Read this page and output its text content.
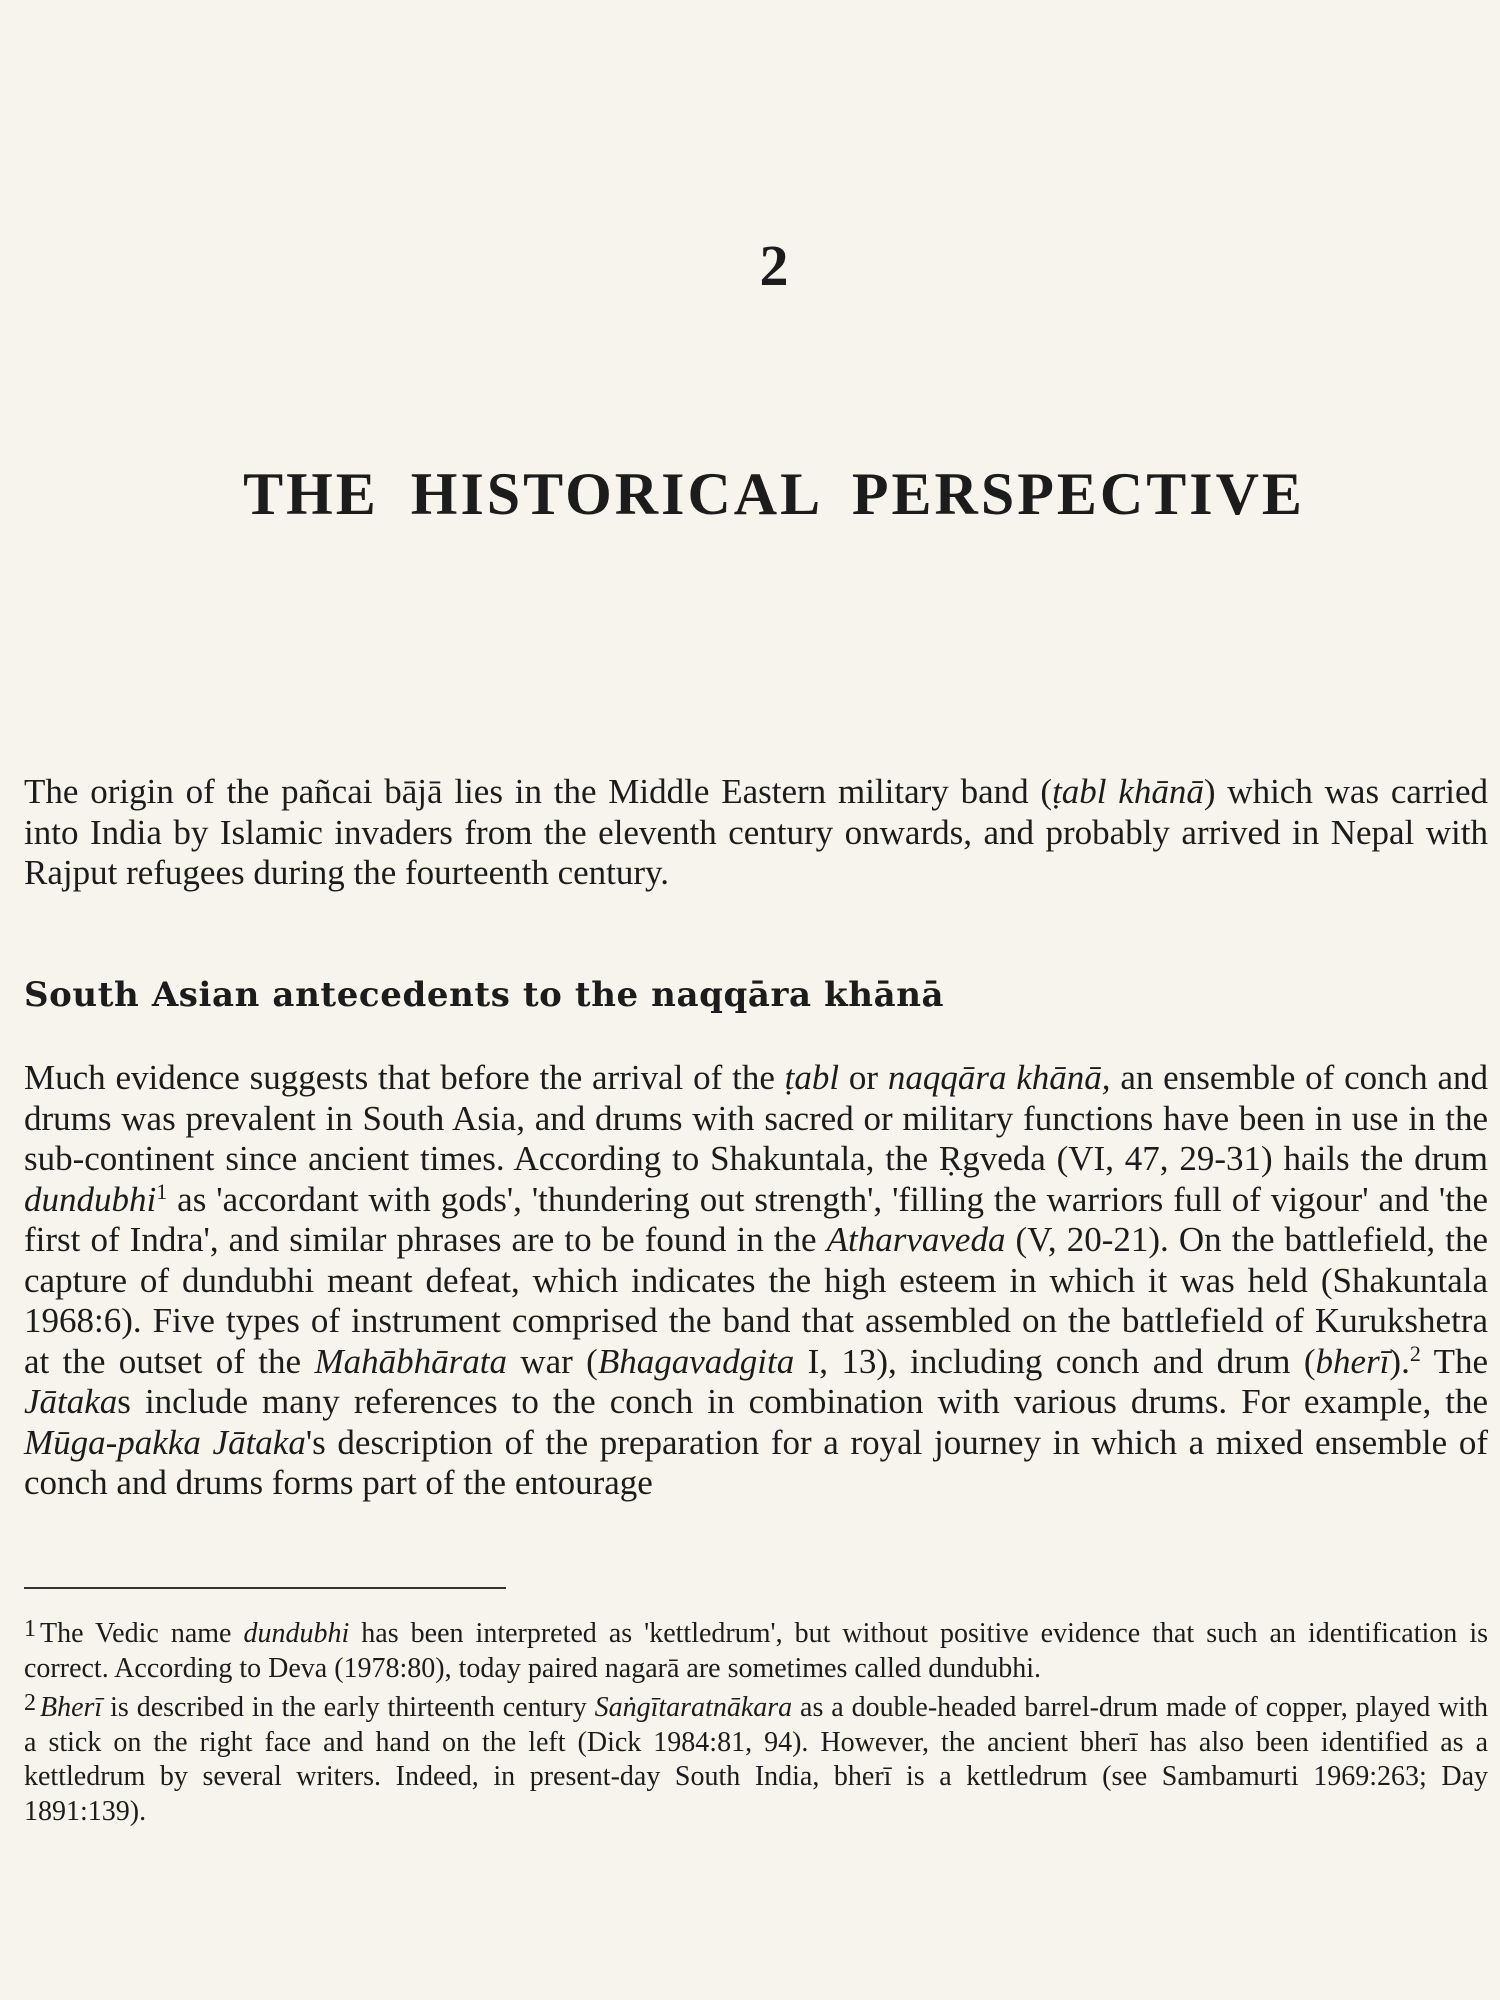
2
THE HISTORICAL PERSPECTIVE

The origin of the pañcai bājā lies in the Middle Eastern military band (ṭabl khānā) which was carried into India by Islamic invaders from the eleventh century onwards, and probably arrived in Nepal with Rajput refugees during the fourteenth century.

South Asian antecedents to the naqqāra khānā

Much evidence suggests that before the arrival of the ṭabl or naqqāra khānā, an ensemble of conch and drums was prevalent in South Asia, and drums with sacred or military functions have been in use in the sub-continent since ancient times. According to Shakuntala, the Ṛgveda (VI, 47, 29-31) hails the drum dundubhi$^1$ as 'accordant with gods', 'thundering out strength', 'filling the warriors full of vigour' and 'the first of Indra', and similar phrases are to be found in the Atharvaveda (V, 20-21). On the battlefield, the capture of dundubhi meant defeat, which indicates the high esteem in which it was held (Shakuntala 1968:6). Five types of instrument comprised the band that assembled on the battlefield of Kurukshetra at the outset of the Mahābhārata war (Bhagavadgita I, 13), including conch and drum (bherī).$^2$ The Jātakas include many references to the conch in combination with various drums. For example, the Mūga-pakka Jātaka's description of the preparation for a royal journey in which a mixed ensemble of conch and drums forms part of the entourage

1 The Vedic name dundubhi has been interpreted as 'kettledrum', but without positive evidence that such an identification is correct. According to Deva (1978:80), today paired nagarā are sometimes called dundubhi.

2 Bherī is described in the early thirteenth century Saṅgītaratnākara as a double-headed barrel-drum made of copper, played with a stick on the right face and hand on the left (Dick 1984:81, 94). However, the ancient bherī has also been identified as a kettledrum by several writers. Indeed, in present-day South India, bherī is a kettledrum (see Sambamurti 1969:263; Day 1891:139).
